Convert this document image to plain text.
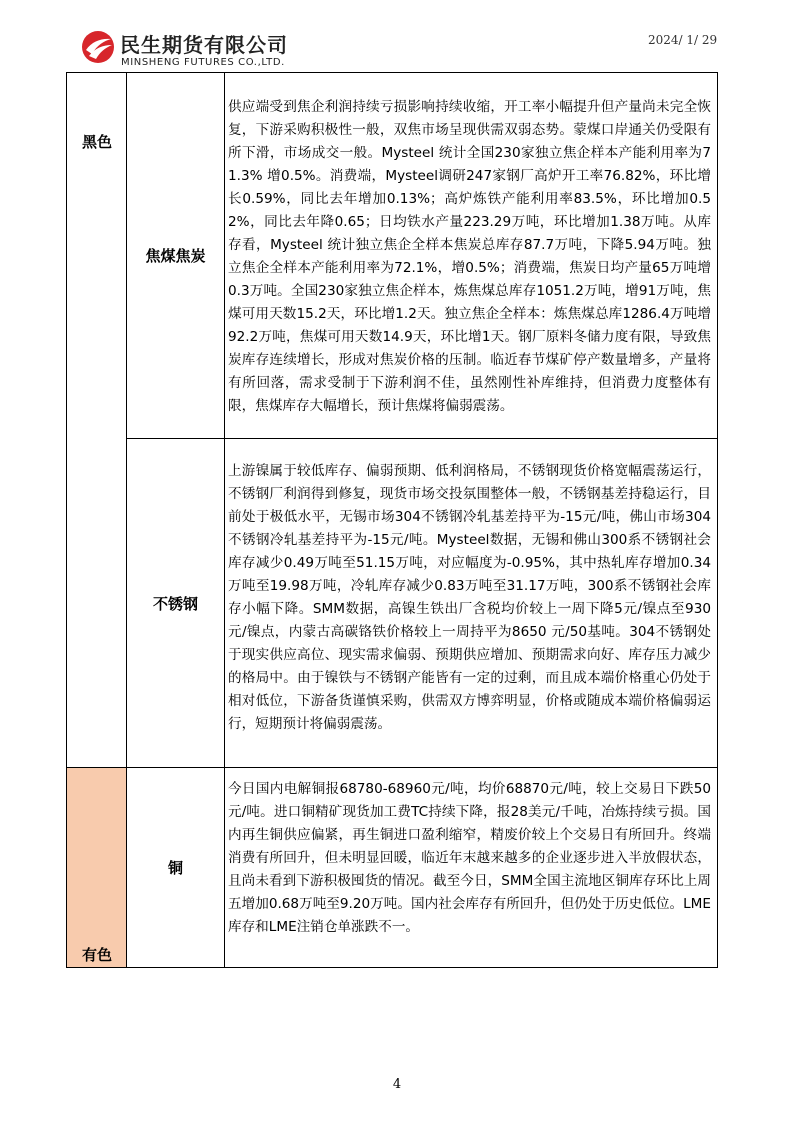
民生期货有限公司
MINSHENG FUTURES CO.,LTD.
2024/ 1/ 29
黑色
有色
焦煤焦炭
供应端受到焦企利润持续亏损影响持续收缩，开工率小幅提升但产量尚未完全恢复，下游采购积极性一般，双焦市场呈现供需双弱态势。蒙煤口岸通关仍受限有所下滑，市场成交一般。Mysteel 统计全国230家独立焦企样本产能利用率为71.3% 增0.5%。消费端，Mysteel调研247家钢厂高炉开工率76.82%，环比增长0.59%，同比去年增加0.13%；高炉炼铁产能利用率83.5%，环比增加0.52%，同比去年降0.65；日均铁水产量223.29万吨，环比增加1.38万吨。从库存看，Mysteel 统计独立焦企全样本焦炭总库存87.7万吨，下降5.94万吨。独立焦企全样本产能利用率为72.1%，增0.5%；消费端，焦炭日均产量65万吨增0.3万吨。全国230家独立焦企样本，炼焦煤总库存1051.2万吨，增91万吨，焦煤可用天数15.2天，环比增1.2天。独立焦企全样本：炼焦煤总库1286.4万吨增92.2万吨，焦煤可用天数14.9天，环比增1天。钢厂原料冬储力度有限，导致焦炭库存连续增长，形成对焦炭价格的压制。临近春节煤矿停产数量增多，产量将有所回落，需求受制于下游利润不佳，虽然刚性补库维持，但消费力度整体有限，焦煤库存大幅增长，预计焦煤将偏弱震荡。
不锈钢
上游镍属于较低库存、偏弱预期、低利润格局，不锈钢现货价格宽幅震荡运行，不锈钢厂利润得到修复，现货市场交投氛围整体一般，不锈钢基差持稳运行，目前处于极低水平，无锡市场304不锈钢冷轧基差持平为-15元/吨，佛山市场304不锈钢冷轧基差持平为-15元/吨。Mysteel数据，无锡和佛山300系不锈钢社会库存减少0.49万吨至51.15万吨，对应幅度为-0.95%，其中热轧库存增加0.34万吨至19.98万吨，冷轧库存减少0.83万吨至31.17万吨，300系不锈钢社会库存小幅下降。SMM数据，高镍生铁出厂含税均价较上一周下降5元/镍点至930元/镍点，内蒙古高碳铬铁价格较上一周持平为8650 元/50基吨。304不锈钢处于现实供应高位、现实需求偏弱、预期供应增加、预期需求向好、库存压力减少的格局中。由于镍铁与不锈钢产能皆有一定的过剩，而且成本端价格重心仍处于相对低位，下游备货谨慎采购，供需双方博弈明显，价格或随成本端价格偏弱运行，短期预计将偏弱震荡。
铜
今日国内电解铜报68780-68960元/吨，均价68870元/吨，较上交易日下跌50元/吨。进口铜精矿现货加工费TC持续下降，报28美元/千吨，冶炼持续亏损。国内再生铜供应偏紧，再生铜进口盈利缩窄，精废价较上个交易日有所回升。终端消费有所回升，但未明显回暖，临近年末越来越多的企业逐步进入半放假状态，且尚未看到下游积极囤货的情况。截至今日，SMM全国主流地区铜库存环比上周五增加0.68万吨至9.20万吨。国内社会库存有所回升，但仍处于历史低位。LME库存和LME注销仓单涨跌不一。
4
